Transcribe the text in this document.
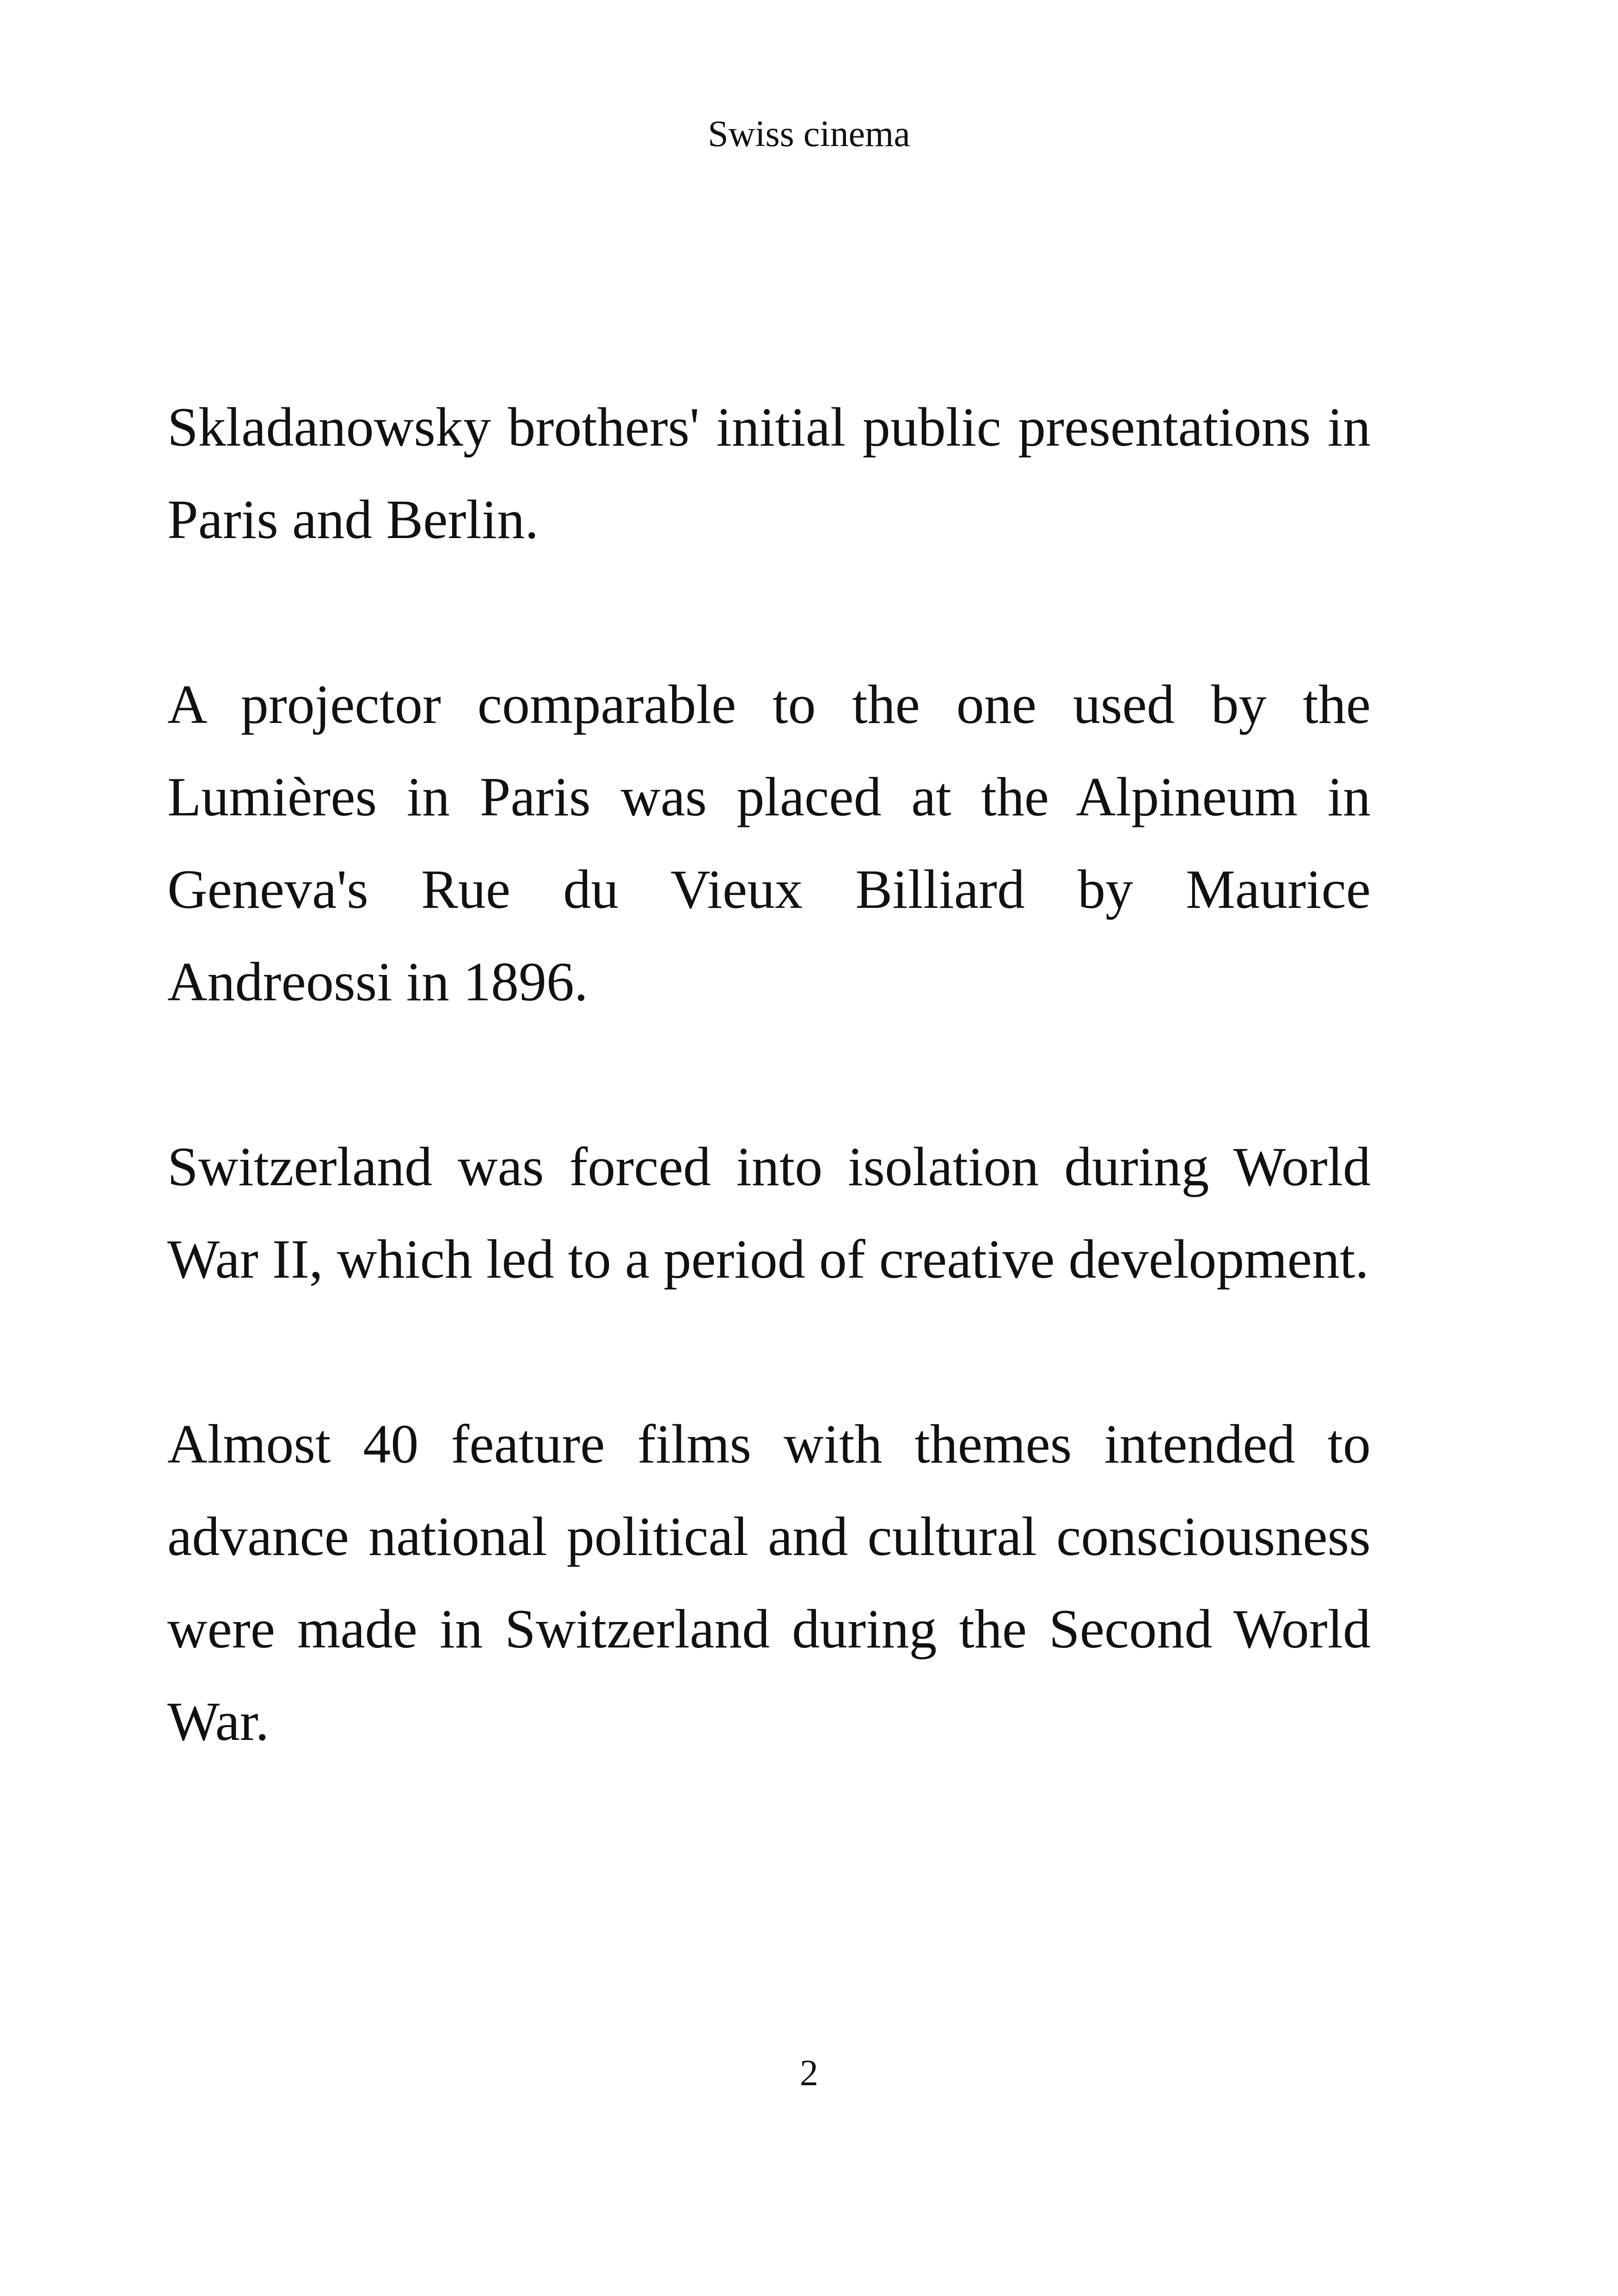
Swiss cinema

Skladanowsky brothers' initial public presentations in Paris and Berlin.

A projector comparable to the one used by the Lumières in Paris was placed at the Alpineum in Geneva's Rue du Vieux Billiard by Maurice Andreossi in 1896.

Switzerland was forced into isolation during World War II, which led to a period of creative development.

Almost 40 feature films with themes intended to advance national political and cultural consciousness were made in Switzerland during the Second World War.

2
